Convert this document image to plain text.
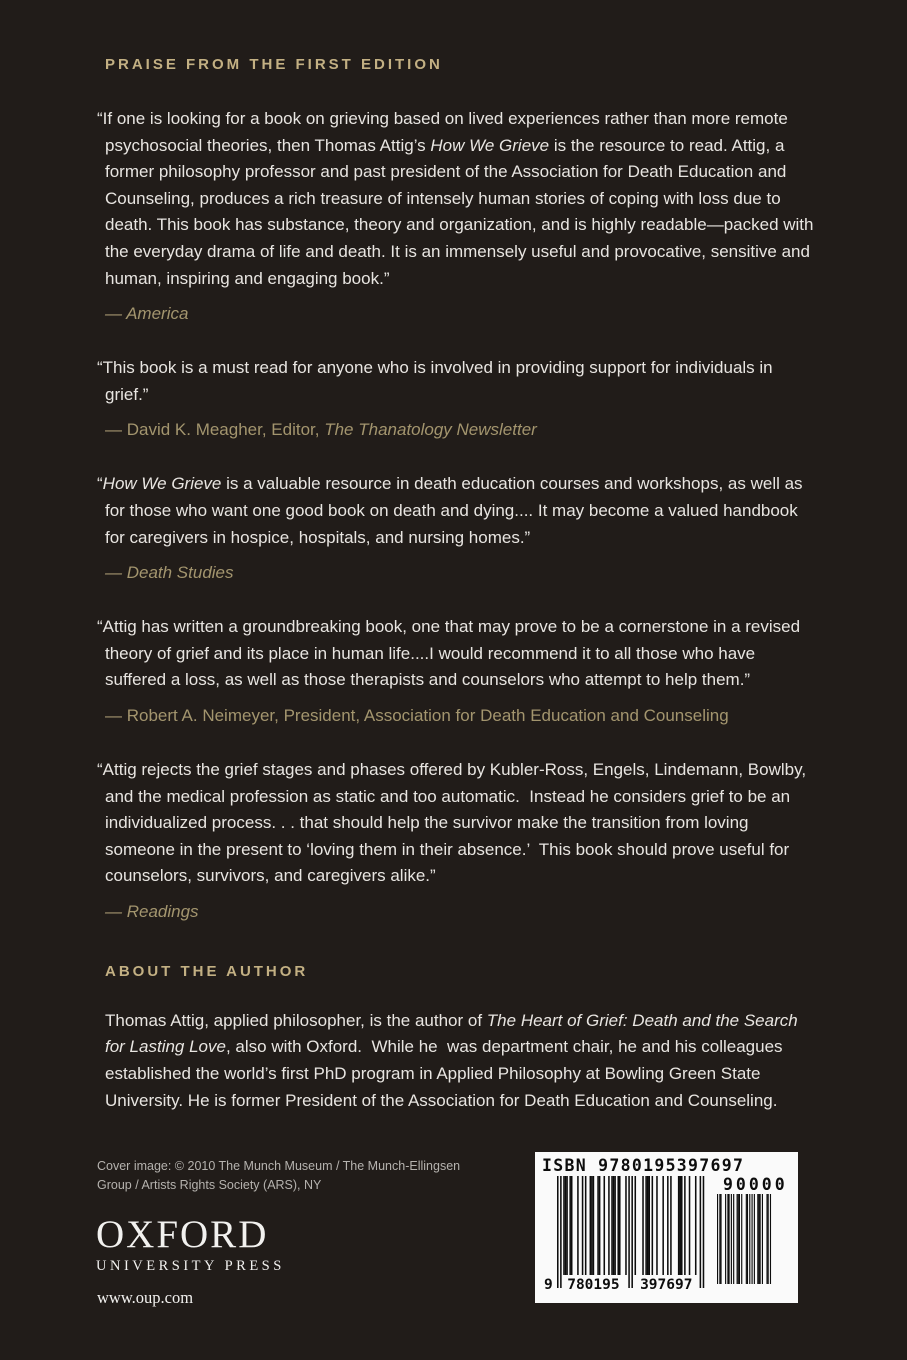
PRAISE FROM THE FIRST EDITION

“If one is looking for a book on grieving based on lived experiences rather than more remote psychosocial theories, then Thomas Attig’s How We Grieve is the resource to read. Attig, a former philosophy professor and past president of the Association for Death Education and Counseling, produces a rich treasure of intensely human stories of coping with loss due to death. This book has substance, theory and organization, and is highly readable—packed with the everyday drama of life and death. It is an immensely useful and provocative, sensitive and human, inspiring and engaging book.”

— America

“This book is a must read for anyone who is involved in providing support for individuals in grief.”

— David K. Meagher, Editor, The Thanatology Newsletter

“How We Grieve is a valuable resource in death education courses and workshops, as well as for those who want one good book on death and dying.... It may become a valued handbook for caregivers in hospice, hospitals, and nursing homes.”

— Death Studies

“Attig has written a groundbreaking book, one that may prove to be a cornerstone in a revised theory of grief and its place in human life....I would recommend it to all those who have suffered a loss, as well as those therapists and counselors who attempt to help them.”

— Robert A. Neimeyer, President, Association for Death Education and Counseling

“Attig rejects the grief stages and phases offered by Kubler-Ross, Engels, Lindemann, Bowlby, and the medical profession as static and too automatic.  Instead he considers grief to be an individualized process. . . that should help the survivor make the transition from loving someone in the present to ‘loving them in their absence.’  This book should prove useful for counselors, survivors, and caregivers alike.”

— Readings

ABOUT THE AUTHOR

Thomas Attig, applied philosopher, is the author of The Heart of Grief: Death and the Search for Lasting Love, also with Oxford.  While he  was department chair, he and his colleagues established the world’s first PhD program in Applied Philosophy at Bowling Green State University. He is former President of the Association for Death Education and Counseling.

Cover image: © 2010 The Munch Museum / The Munch-Ellingsen
Group / Artists Rights Society (ARS), NY
OXFORD
UNIVERSITY PRESS
www.oup.com
ISBN 9780195397697
90000
9 780195 397697
